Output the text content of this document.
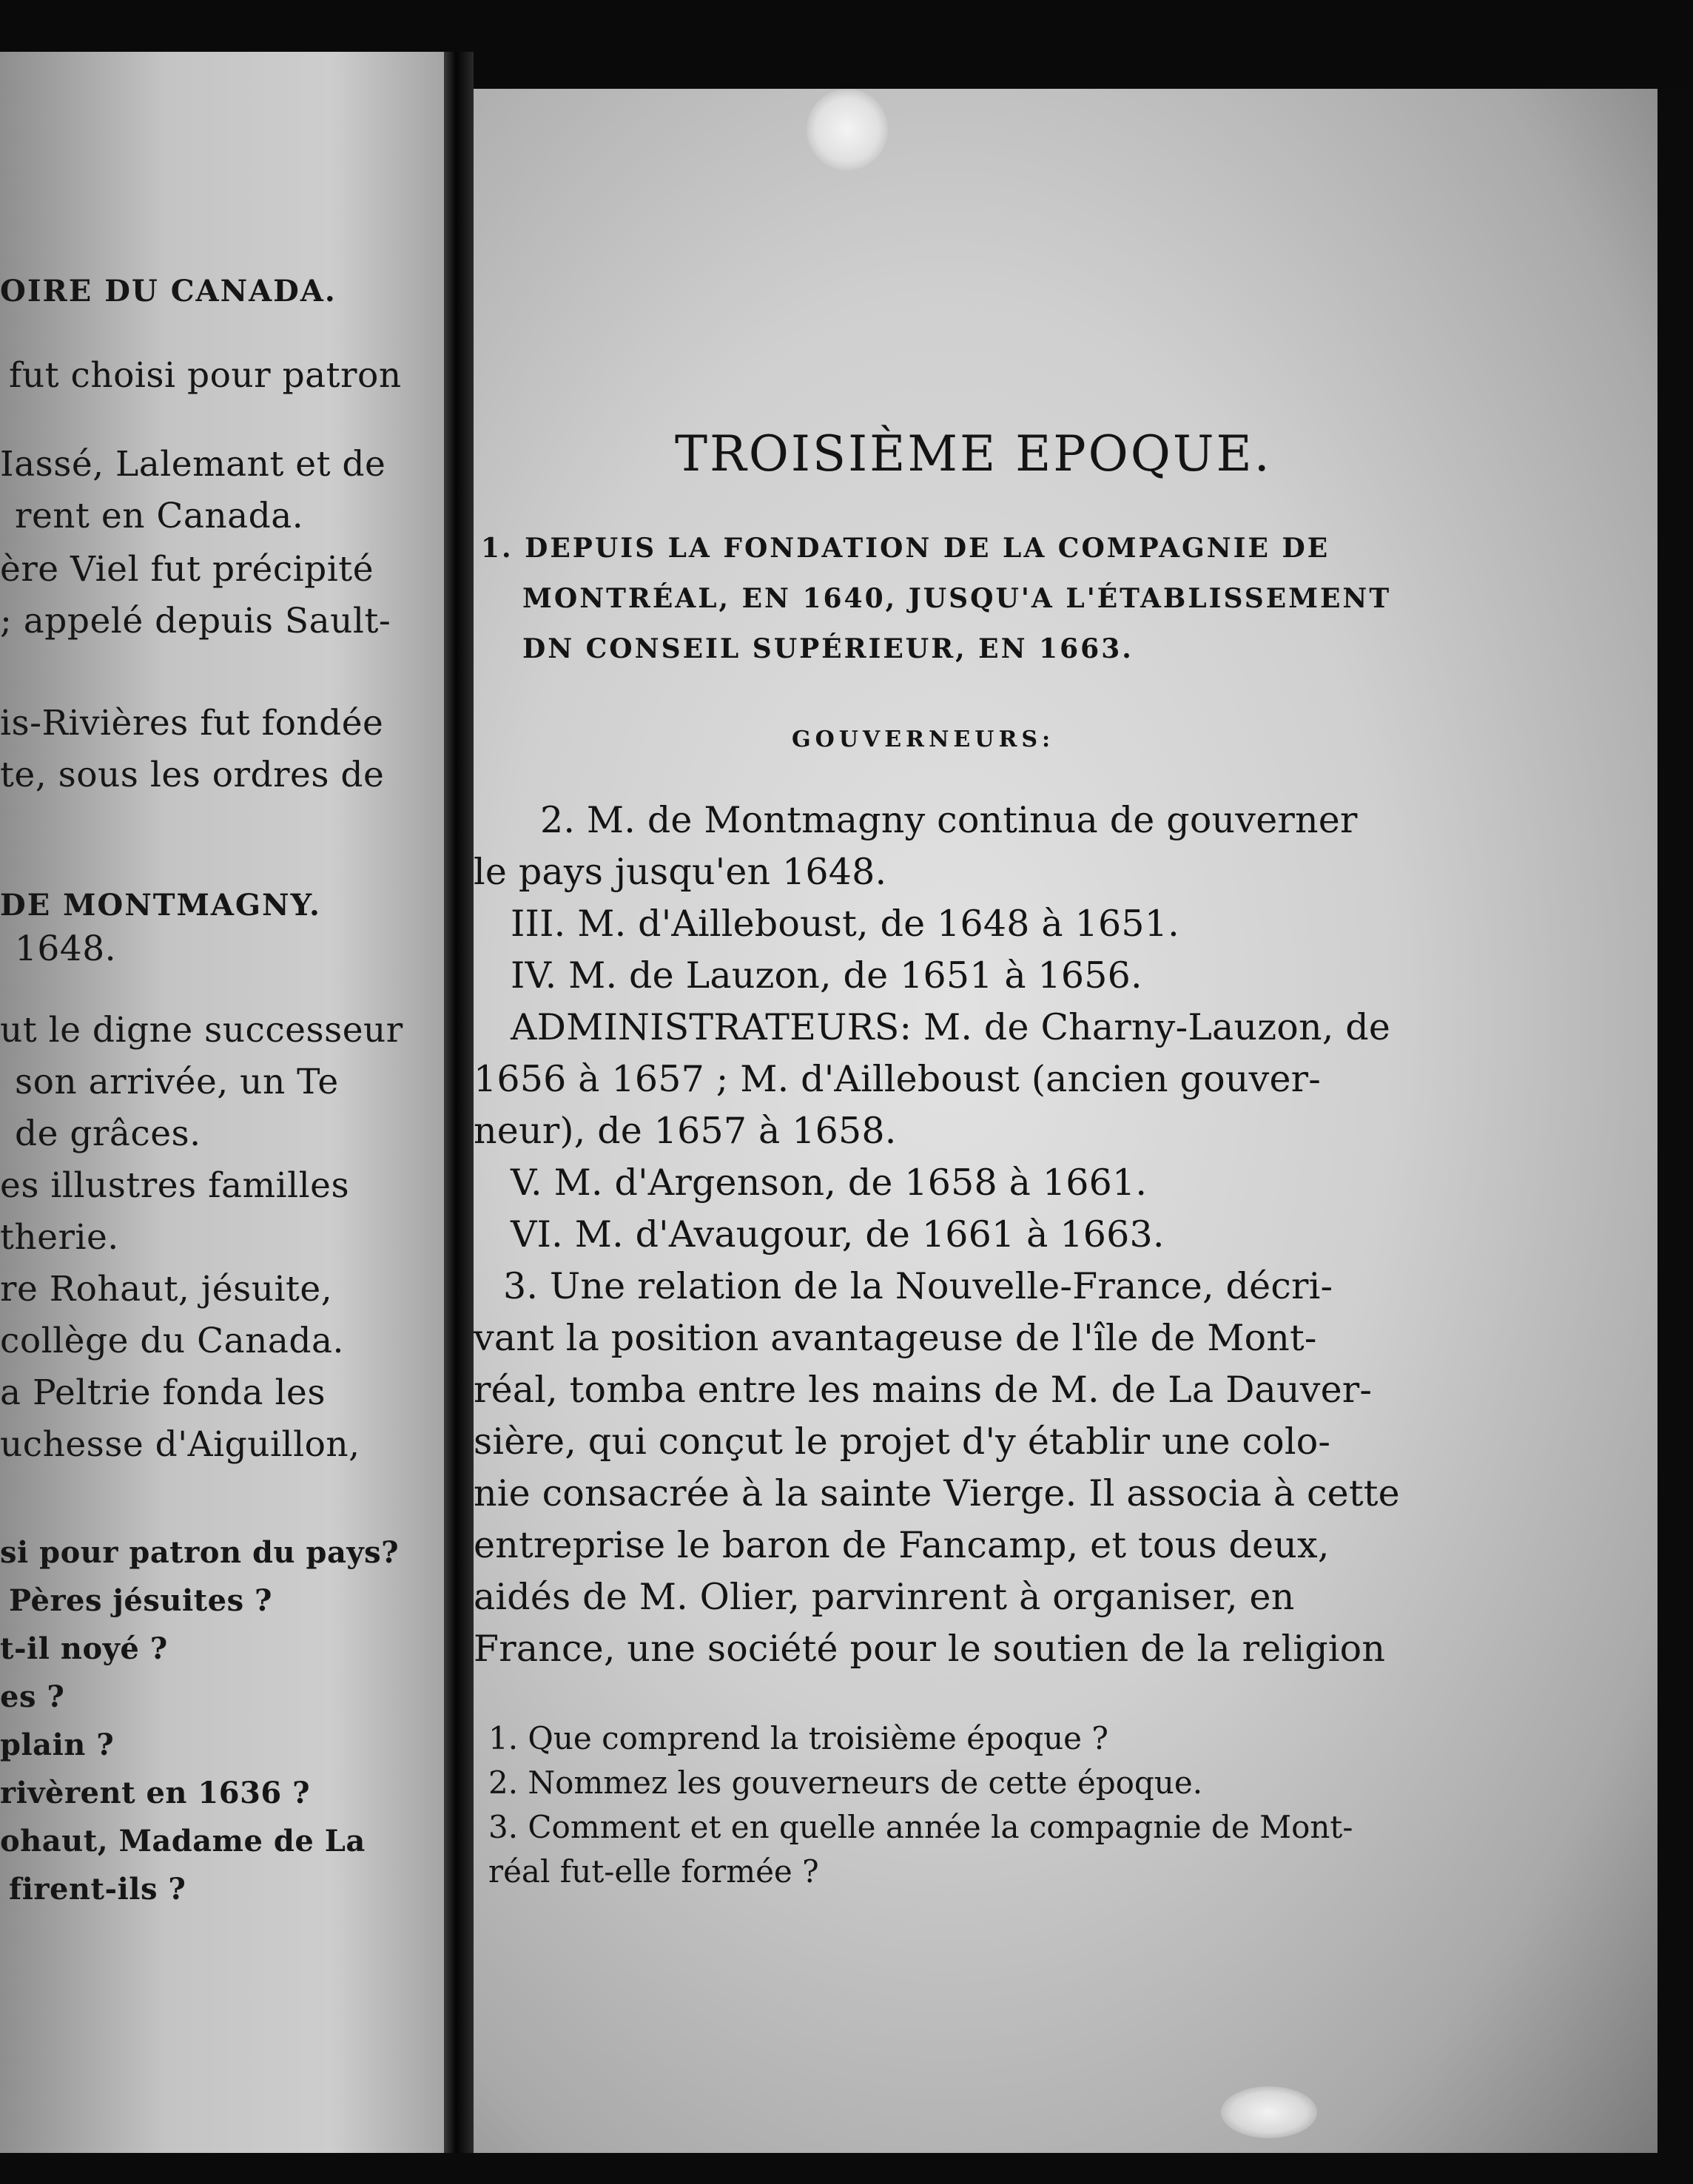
OIRE DU CANADA.
fut choisi pour patron
Iassé, Lalemant et de
rent en Canada.
ère Viel fut précipité
; appelé depuis Sault-
is-Rivières fut fondée
te, sous les ordres de
DE MONTMAGNY.
1648.
ut le digne successeur
son arrivée, un Te
de grâces.
es illustres familles
therie.
re Rohaut, jésuite,
collège du Canada.
a Peltrie fonda les
uchesse d'Aiguillon,
si pour patron du pays?
Pères jésuites ?
t-il noyé ?
es ?
plain ?
rivèrent en 1636 ?
ohaut, Madame de La
firent-ils ?
TROISIÈME EPOQUE.
1. DEPUIS LA FONDATION DE LA COMPAGNIE DE
MONTRÉAL, EN 1640, JUSQU'A L'ÉTABLISSEMENT
DN CONSEIL SUPÉRIEUR, EN 1663.
GOUVERNEURS:
2. M. de Montmagny continua de gouverner
le pays jusqu'en 1648.
III. M. d'Ailleboust, de 1648 à 1651.
IV. M. de Lauzon, de 1651 à 1656.
ADMINISTRATEURS: M. de Charny-Lauzon, de
1656 à 1657 ; M. d'Ailleboust (ancien gouver-
neur), de 1657 à 1658.
V. M. d'Argenson, de 1658 à 1661.
VI. M. d'Avaugour, de 1661 à 1663.
3. Une relation de la Nouvelle-France, décri-
vant la position avantageuse de l'île de Mont-
réal, tomba entre les mains de M. de La Dauver-
sière, qui conçut le projet d'y établir une colo-
nie consacrée à la sainte Vierge. Il associa à cette
entreprise le baron de Fancamp, et tous deux,
aidés de M. Olier, parvinrent à organiser, en
France, une société pour le soutien de la religion
1. Que comprend la troisième époque ?
2. Nommez les gouverneurs de cette époque.
3. Comment et en quelle année la compagnie de Mont-
réal fut-elle formée ?
